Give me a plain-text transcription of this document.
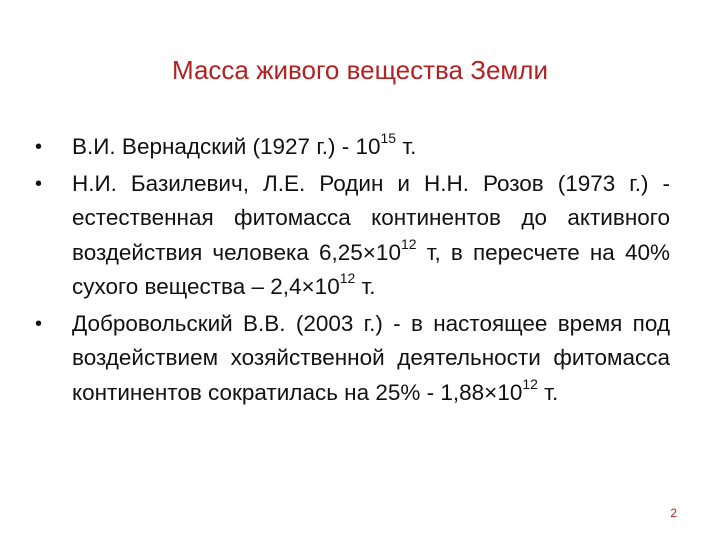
Масса живого вещества Земли
•	В.И. Вернадский (1927 $г.) - 10^{15}$ т.
•	Н.И. Базилевич, Л.Е. Родин и Н.Н. Розов (1973 г.) - естественная фитомасса континентов до активного воздействия человека $6,25\times 10^{12}$ т, в пересчете на 40% сухого вещества – $2,4\times 10^{12}$ т.
•	Добровольский В.В. (2003 г.) - в настоящее время под воздействием хозяйственной деятельности фитомасса континентов сократилась на $25\% - 1,88\times 10^{12}$ т.
2
